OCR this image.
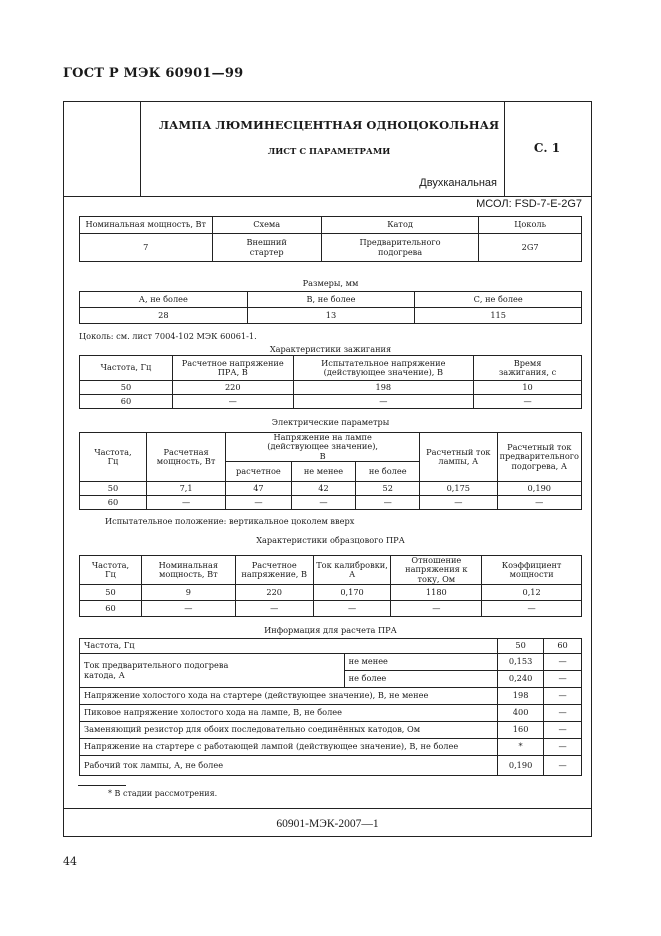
ГОСТ Р МЭК 60901—99
ЛАМПА ЛЮМИНЕСЦЕНТНАЯ ОДНОЦОКОЛЬНАЯ
ЛИСТ С ПАРАМЕТРАМИ
Двухканальная
С. 1
МСОЛ: FSD-7-E-2G7
Номинальная мощность, Вт	Схема	Катод	Цоколь
7	Внешний стартер	Предварительного подогрева	2G7
Размеры, мм
А, не более	В, не более	С, не более
28	13	115
Цоколь: см. лист 7004-102 МЭК 60061-1.
Характеристики зажигания
Частота, Гц	Расчетное напряжение ПРА, В	Испытательное напряжение (действующее значение), В	Время зажигания, с
50	220	198	10
60	—	—	—
Электрические параметры
Частота, Гц	Расчетная мощность, Вт	Напряжение на лампе (действующее значение), В			Расчетный ток лампы, А	Расчетный ток предварительного подогрева, А
		расчетное	не менее	не более		
50	7,1	47	42	52	0,175	0,190
60	—	—	—	—	—	—
Испытательное положение: вертикальное цоколем вверх
Характеристики образцового ПРА
Частота, Гц	Номинальная мощность, Вт	Расчетное напряжение, В	Ток калибровки, А	Отношение напряжения к току, Ом	Коэффициент мощности
50	9	220	0,170	1180	0,12
60	—	—	—	—	—
Информация для расчета ПРА
Частота, Гц		50	60
Ток предварительного подогрева катода, А	не менее	0,153	—
	не более	0,240	—
Напряжение холостого хода на стартере (действующее значение), В, не менее		198	—
Пиковое напряжение холостого хода на лампе, В, не более		400	—
Заменяющий резистор для обоих последовательно соединённых катодов, Ом		160	—
Напряжение на стартере с работающей лампой (действующее значение), В, не более		*	—
Рабочий ток лампы, А, не более		0,190	—
* В стадии рассмотрения.
60901-МЭК-2007—1
44
